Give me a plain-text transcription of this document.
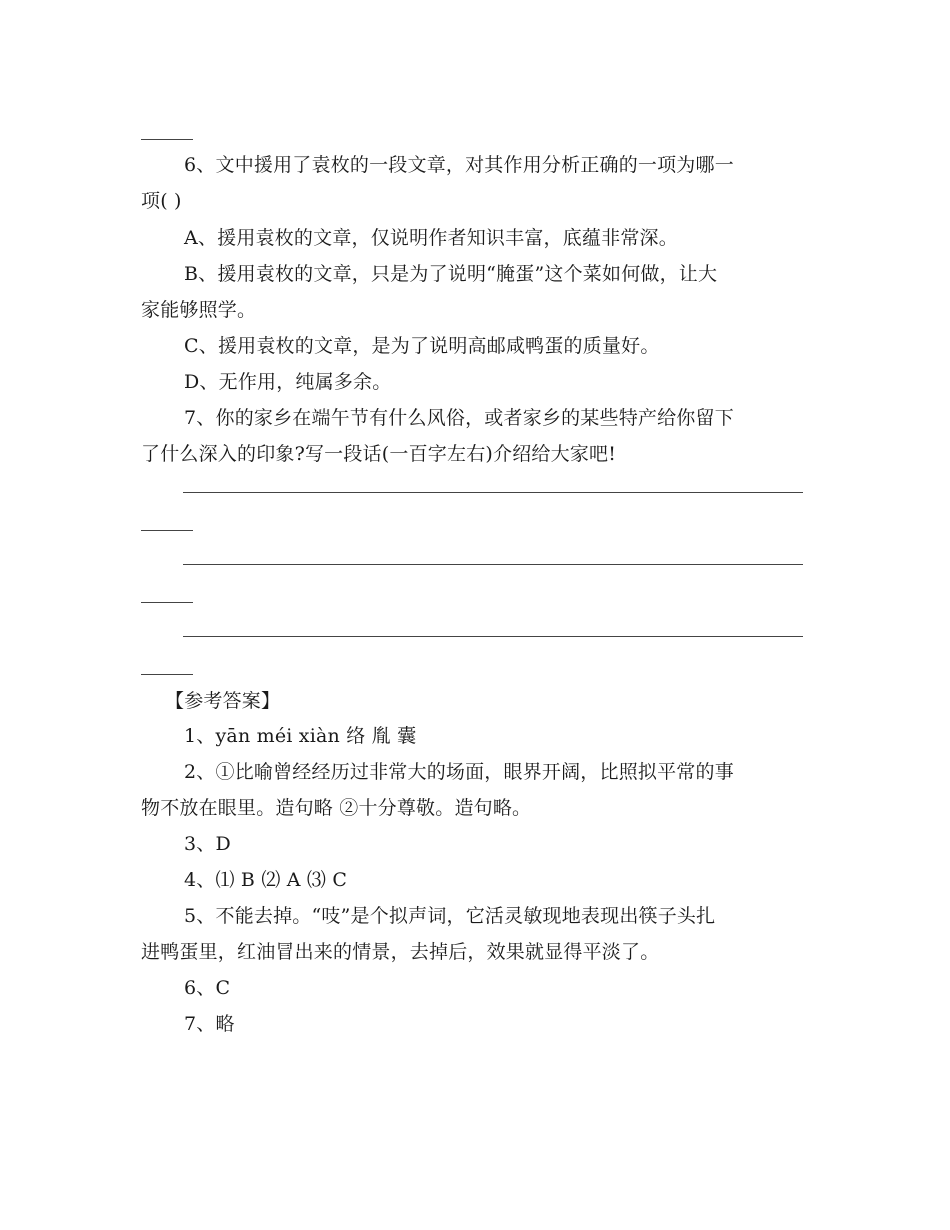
6、文中援用了袁枚的一段文章，对其作用分析正确的一项为哪一
项( )
A、援用袁枚的文章，仅说明作者知识丰富，底蕴非常深。
B、援用袁枚的文章，只是为了说明“腌蛋”这个菜如何做，让大
家能够照学。
C、援用袁枚的文章，是为了说明高邮咸鸭蛋的质量好。
D、无作用，纯属多余。
7、你的家乡在端午节有什么风俗，或者家乡的某些特产给你留下
了什么深入的印象?写一段话(一百字左右)介绍给大家吧!
【参考答案】
1、yān méi xiàn 络 胤 囊
2、①比喻曾经经历过非常大的场面，眼界开阔，比照拟平常的事
物不放在眼里。造句略 ②十分尊敬。造句略。
3、D
4、⑴ B ⑵ A ⑶ C
5、不能去掉。“吱”是个拟声词，它活灵敏现地表现出筷子头扎
进鸭蛋里，红油冒出来的情景，去掉后，效果就显得平淡了。
6、C
7、略
